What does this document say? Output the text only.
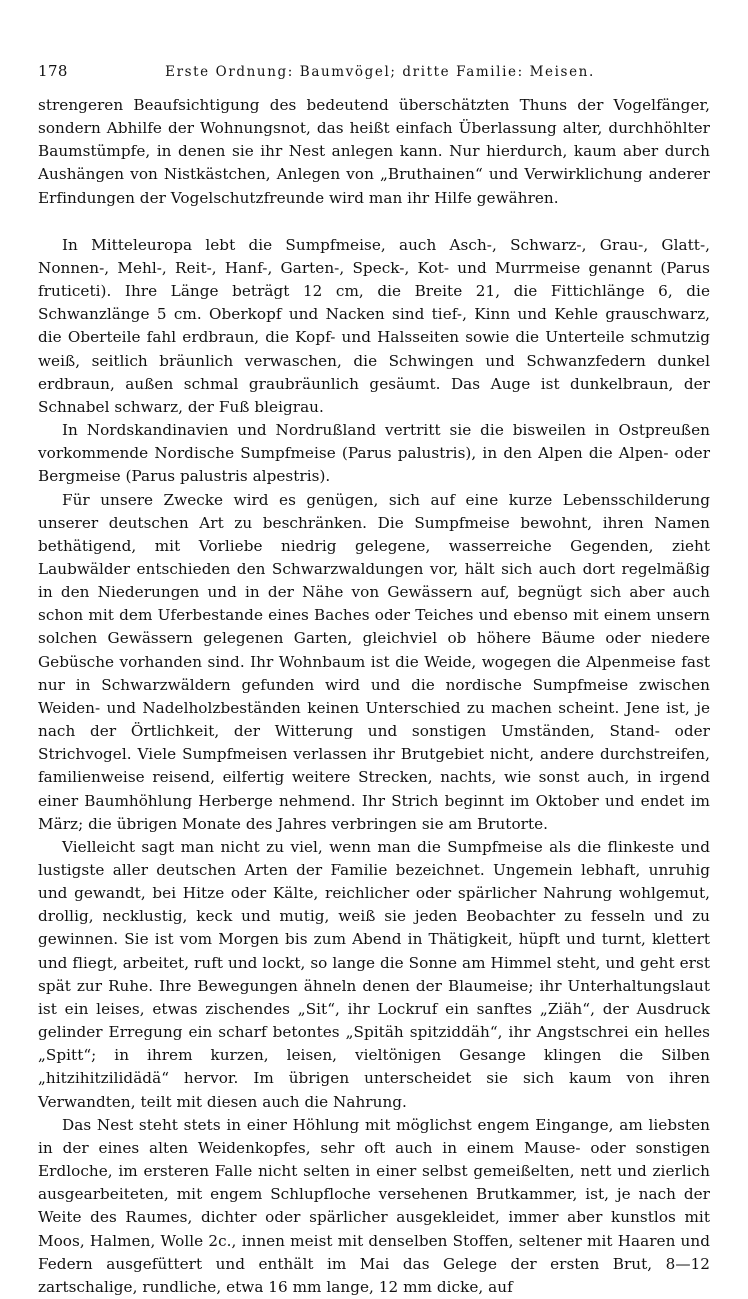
178	Erste Ordnung: Baumvögel; dritte Familie: Meisen.

strengeren Beaufsichtigung des bedeutend überschätzten Thuns der Vogelfänger, sondern Abhilfe der Wohnungsnot, das heißt einfach Überlassung alter, durchhöhlter Baumstümpfe, in denen sie ihr Nest anlegen kann. Nur hierdurch, kaum aber durch Aushängen von Nistkästchen, Anlegen von „Bruthainen“ und Verwirklichung anderer Erfindungen der Vogelschutzfreunde wird man ihr Hilfe gewähren.

In Mitteleuropa lebt die Sumpfmeise, auch Asch-, Schwarz-, Grau-, Glatt-, Nonnen-, Mehl-, Reit-, Hanf-, Garten-, Speck-, Kot- und Murrmeise genannt (Parus fruticeti). Ihre Länge beträgt 12 cm, die Breite 21, die Fittichlänge 6, die Schwanzlänge 5 cm. Oberkopf und Nacken sind tief-, Kinn und Kehle grauschwarz, die Oberteile fahl erdbraun, die Kopf- und Halsseiten sowie die Unterteile schmutzig weiß, seitlich bräunlich verwaschen, die Schwingen und Schwanzfedern dunkel erdbraun, außen schmal graubräunlich gesäumt. Das Auge ist dunkelbraun, der Schnabel schwarz, der Fuß bleigrau.

In Nordskandinavien und Nordrußland vertritt sie die bisweilen in Ostpreußen vorkommende Nordische Sumpfmeise (Parus palustris), in den Alpen die Alpen- oder Bergmeise (Parus palustris alpestris).

Für unsere Zwecke wird es genügen, sich auf eine kurze Lebensschilderung unserer deutschen Art zu beschränken. Die Sumpfmeise bewohnt, ihren Namen bethätigend, mit Vorliebe niedrig gelegene, wasserreiche Gegenden, zieht Laubwälder entschieden den Schwarzwaldungen vor, hält sich auch dort regelmäßig in den Niederungen und in der Nähe von Gewässern auf, begnügt sich aber auch schon mit dem Uferbestande eines Baches oder Teiches und ebenso mit einem unsern solchen Gewässern gelegenen Garten, gleichviel ob höhere Bäume oder niedere Gebüsche vorhanden sind. Ihr Wohnbaum ist die Weide, wogegen die Alpenmeise fast nur in Schwarzwäldern gefunden wird und die nordische Sumpfmeise zwischen Weiden- und Nadelholzbeständen keinen Unterschied zu machen scheint. Jene ist, je nach der Örtlichkeit, der Witterung und sonstigen Umständen, Stand- oder Strichvogel. Viele Sumpfmeisen verlassen ihr Brutgebiet nicht, andere durchstreifen, familienweise reisend, eilfertig weitere Strecken, nachts, wie sonst auch, in irgend einer Baumhöhlung Herberge nehmend. Ihr Strich beginnt im Oktober und endet im März; die übrigen Monate des Jahres verbringen sie am Brutorte.

Vielleicht sagt man nicht zu viel, wenn man die Sumpfmeise als die flinkeste und lustigste aller deutschen Arten der Familie bezeichnet. Ungemein lebhaft, unruhig und gewandt, bei Hitze oder Kälte, reichlicher oder spärlicher Nahrung wohlgemut, drollig, necklustig, keck und mutig, weiß sie jeden Beobachter zu fesseln und zu gewinnen. Sie ist vom Morgen bis zum Abend in Thätigkeit, hüpft und turnt, klettert und fliegt, arbeitet, ruft und lockt, so lange die Sonne am Himmel steht, und geht erst spät zur Ruhe. Ihre Bewegungen ähneln denen der Blaumeise; ihr Unterhaltungslaut ist ein leises, etwas zischendes „Sit“, ihr Lockruf ein sanftes „Ziäh“, der Ausdruck gelinder Erregung ein scharf betontes „Spitäh spitziddäh“, ihr Angstschrei ein helles „Spitt“; in ihrem kurzen, leisen, vieltönigen Gesange klingen die Silben „hitzihitzilidädä“ hervor. Im übrigen unterscheidet sie sich kaum von ihren Verwandten, teilt mit diesen auch die Nahrung.

Das Nest steht stets in einer Höhlung mit möglichst engem Eingange, am liebsten in der eines alten Weidenkopfes, sehr oft auch in einem Mause- oder sonstigen Erdloche, im ersteren Falle nicht selten in einer selbst gemeißelten, nett und zierlich ausgearbeiteten, mit engem Schlupfloche versehenen Brutkammer, ist, je nach der Weite des Raumes, dichter oder spärlicher ausgekleidet, immer aber kunstlos mit Moos, Halmen, Wolle 2c., innen meist mit denselben Stoffen, seltener mit Haaren und Federn ausgefüttert und enthält im Mai das Gelege der ersten Brut, 8—12 zartschalige, rundliche, etwa 16 mm lange, 12 mm dicke, auf
